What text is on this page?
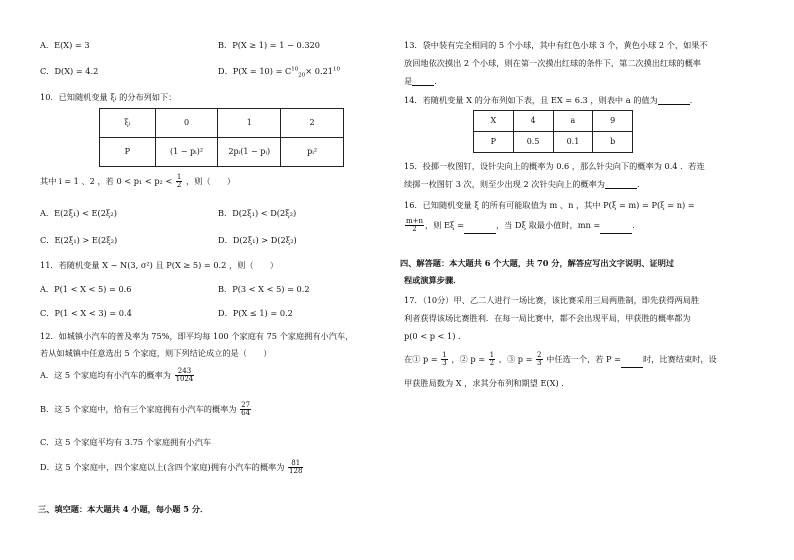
A．E(X) = 3	B．P(X ≥ 1) = 1 − 0.320
C．D(X) = 4.2	D．$P(X = 10) = C^{10}_{20}\times 0.21^{10}$
10．已知随机变量 ξᵢ 的分布列如下：
ξᵢ	0	1	2
P	(1 − pᵢ)²	2pᵢ(1 − pᵢ)	pᵢ²
其中 i = 1 、2 ，若 $0 < p_1 < p_2 < \frac{1}{2}$ ，则（　　）
A．E(2ξ₁) < E(2ξ₂)	B．D(2ξ₁) < D(2ξ₂)
C．E(2ξ₁) > E(2ξ₂)	D．D(2ξ₁) > D(2ξ₂)
11．若随机变量 X ~ N(3, σ²) 且 P(X ≥ 5) = 0.2 ，则（　　）
A．P(1 < X < 5) = 0.6	B．P(3 < X < 5) = 0.2
C．P(1 < X < 3) = 0.4	D．P(X ≤ 1) = 0.2
12．如城镇小汽车的普及率为 75%，即平均每 100 个家庭有 75 个家庭拥有小汽车，
若从如城镇中任意选出 5 个家庭，则下列结论成立的是（　　）
A．这 5 个家庭均有小汽车的概率为 $\frac{243}{1024}$
B．这 5 个家庭中，恰有三个家庭拥有小汽车的概率为 $\frac{27}{64}$
C．这 5 个家庭平均有 3.75 个家庭拥有小汽车
D．这 5 个家庭中，四个家庭以上(含四个家庭)拥有小汽车的概率为 $\frac{81}{128}$
三、填空题：本大题共 4 小题，每小题 5 分．
13．袋中装有完全相同的 5 个小球，其中有红色小球 3 个，黄色小球 2 个，如果不
放回地依次摸出 2 个小球，则在第一次摸出红球的条件下，第二次摸出红球的概率
是	．
14．若随机变量 X 的分布列如下表，且 EX = 6.3 ，则表中 a 的值为	．
X	4	a	9
P	0.5	0.1	b
15．投掷一枚图钉，设针尖向上的概率为 0.6 ，那么针尖向下的概率为 0.4 ．若连
续掷一枚图钉 3 次，则至少出现 2 次针尖向上的概率为	．
16．已知随机变量 ξ 的所有可能取值为 m 、n ，其中 P(ξ = m) = P(ξ = n) =
$\frac{m+n}{2}$ ，则 Eξ =	，当 Dξ 取最小值时，mn =	．
四、解答题：本大题共 6 个大题，共 70 分，解答应写出文字说明、证明过
程或演算步骤．
17．（10分）甲、乙二人进行一场比赛，该比赛采用三局两胜制，即先获得两局胜
利者获得该场比赛胜利．在每一局比赛中，都不会出现平局，甲获胜的概率都为
p(0 < p < 1) ．
在① $p = \frac{1}{3}$ ，② $p = \frac{1}{2}$ ，③ $p = \frac{2}{3}$ 中任选一个，若 P =	时，比赛结束时，设
甲获胜局数为 X ，求其分布列和期望 E(X) .
